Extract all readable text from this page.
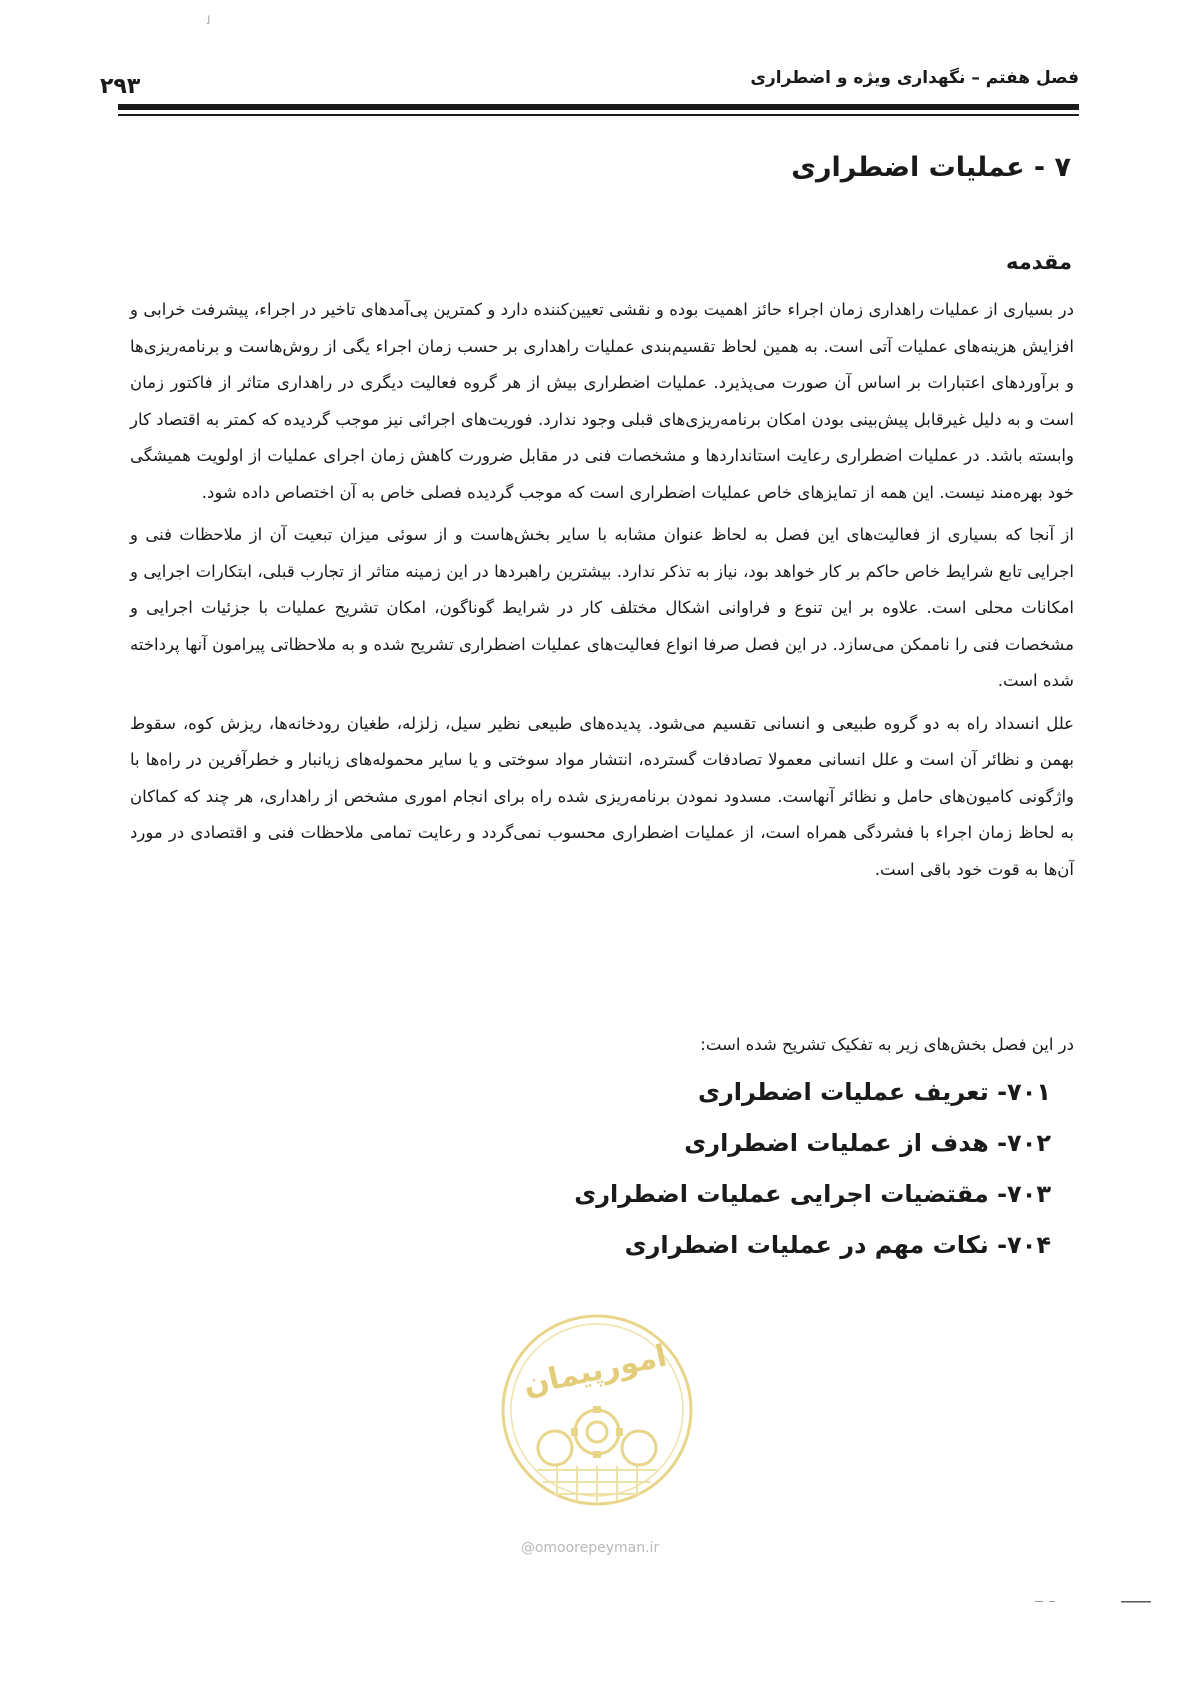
ﻟ
فصل هفتم – نگهداری ویژه و اضطراری
۲۹۳
۷ - عملیات اضطراری
مقدمه

در بسیاری از عملیات راهداری زمان اجراء حائز اهمیت بوده و نقشی تعیین‌کننده دارد و کمترین پی‌آمدهای تاخیر در اجراء، پیشرفت خرابی و افزایش هزینه‌های عملیات آتی است. به همین لحاظ تقسیم‌بندی عملیات راهداری بر حسب زمان اجراء یگی از روش‌هاست و برنامه‌ریزی‌ها و برآوردهای اعتبارات بر اساس آن صورت می‌پذیرد. عملیات اضطراری بیش از هر گروه فعالیت دیگری در راهداری متاثر از فاکتور زمان است و به دلیل غیرقابل پیش‌بینی بودن امکان برنامه‌ریزی‌های قبلی وجود ندارد. فوریت‌های اجرائی نیز موجب گردیده که کمتر به اقتصاد کار وابسته باشد. در عملیات اضطراری رعایت استانداردها و مشخصات فنی در مقابل ضرورت کاهش زمان اجرای عملیات از اولویت همیشگی خود بهره‌مند نیست. این همه از تمایزهای خاص عملیات اضطراری است که موجب گردیده فصلی خاص به آن اختصاص داده شود.

از آنجا که بسیاری از فعالیت‌های این فصل به لحاظ عنوان مشابه با سایر بخش‌هاست و از سوئی میزان تبعیت آن از ملاحظات فنی و اجرایی تابع شرایط خاص حاکم بر کار خواهد بود، نیاز به تذکر ندارد. بیشترین راهبردها در این زمینه متاثر از تجارب قبلی، ابتکارات اجرایی و امکانات محلی است. علاوه بر این تنوع و فراوانی اشکال مختلف کار در شرایط گوناگون، امکان تشریح عملیات با جزئیات اجرایی و مشخصات فنی را ناممکن می‌سازد. در این فصل صرفا انواع فعالیت‌های عملیات اضطراری تشریح شده و به ملاحظاتی پیرامون آنها پرداخته شده است.

علل انسداد راه به دو گروه طبیعی و انسانی تقسیم می‌شود. پدیده‌های طبیعی نظیر سیل، زلزله، طغیان رودخانه‌ها، ریزش کوه، سقوط بهمن و نظائر آن است و علل انسانی معمولا تصادفات گسترده، انتشار مواد سوختی و یا سایر محموله‌های زیانبار و خطرآفرین در راه‌ها با واژگونی کامیون‌های حامل و نظائر آنهاست. مسدود نمودن برنامه‌ریزی شده راه برای انجام اموری مشخص از راهداری، هر چند که کماکان به لحاظ زمان اجراء با فشردگی همراه است، از عملیات اضطراری محسوب نمی‌گردد و رعایت تمامی ملاحظات فنی و اقتصادی در مورد آن‌ها به قوت خود باقی است.

در این فصل بخش‌های زیر به تفکیک تشریح شده است:
۷۰۱- تعریف عملیات اضطراری
۷۰۲- هدف از عملیات اضطراری
۷۰۳- مقتضیات اجرایی عملیات اضطراری
۷۰۴- نکات مهم در عملیات اضطراری
امورپیمان
@omoorepeyman.ir
